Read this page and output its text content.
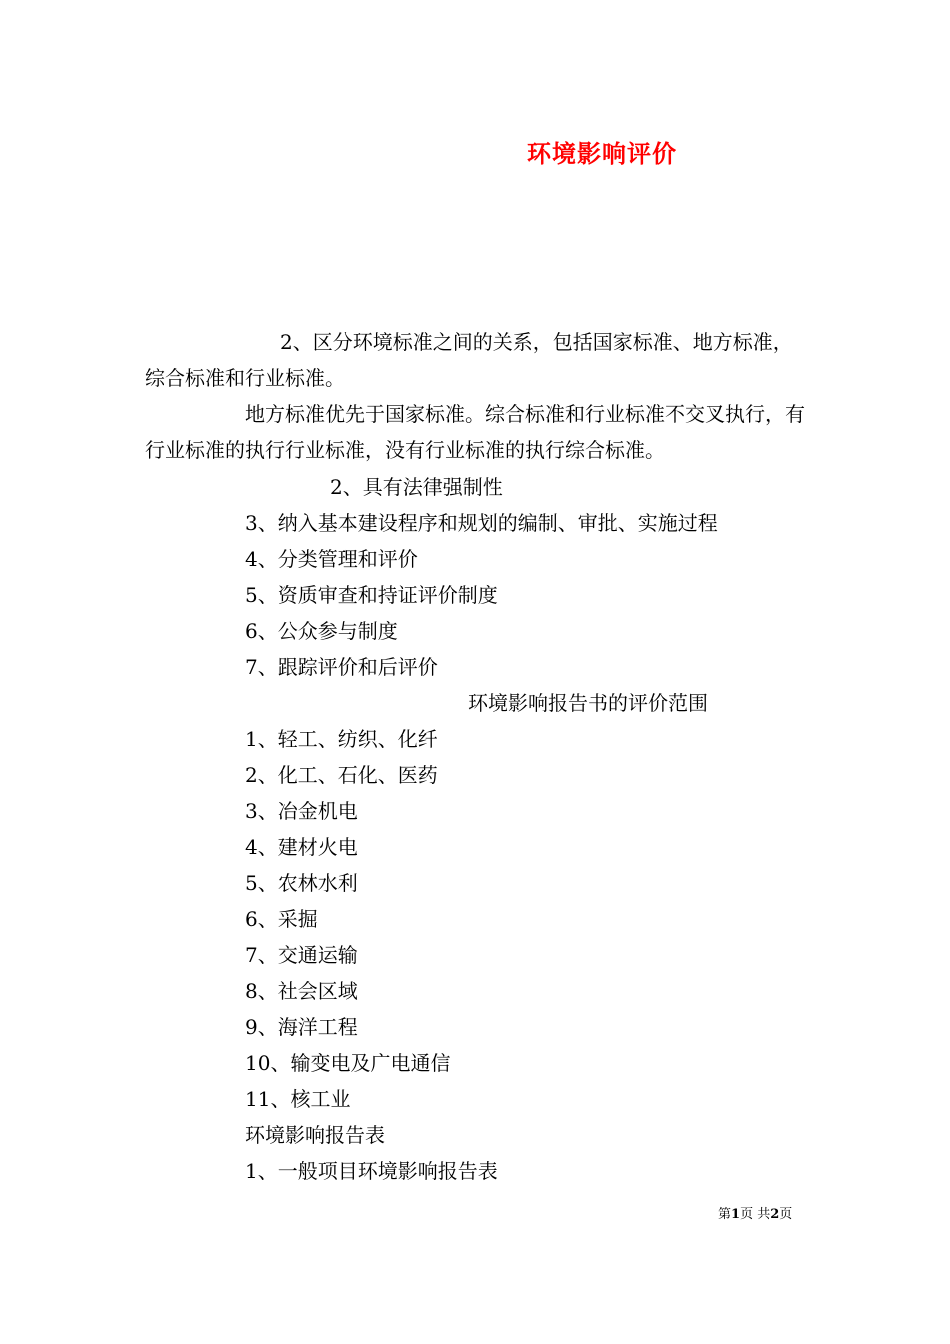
环境影响评价
2、区分环境标准之间的关系，包括国家标准、地方标准，综合标准和行业标准。
地方标准优先于国家标准。综合标准和行业标准不交叉执行，有行业标准的执行行业标准，没有行业标准的执行综合标准。
2、具有法律强制性
3、纳入基本建设程序和规划的编制、审批、实施过程
4、分类管理和评价
5、资质审查和持证评价制度
6、公众参与制度
7、跟踪评价和后评价
环境影响报告书的评价范围
1、轻工、纺织、化纤
2、化工、石化、医药
3、冶金机电
4、建材火电
5、农林水利
6、采掘
7、交通运输
8、社会区域
9、海洋工程
10、输变电及广电通信
11、核工业
环境影响报告表
1、一般项目环境影响报告表
第1页 共2页
